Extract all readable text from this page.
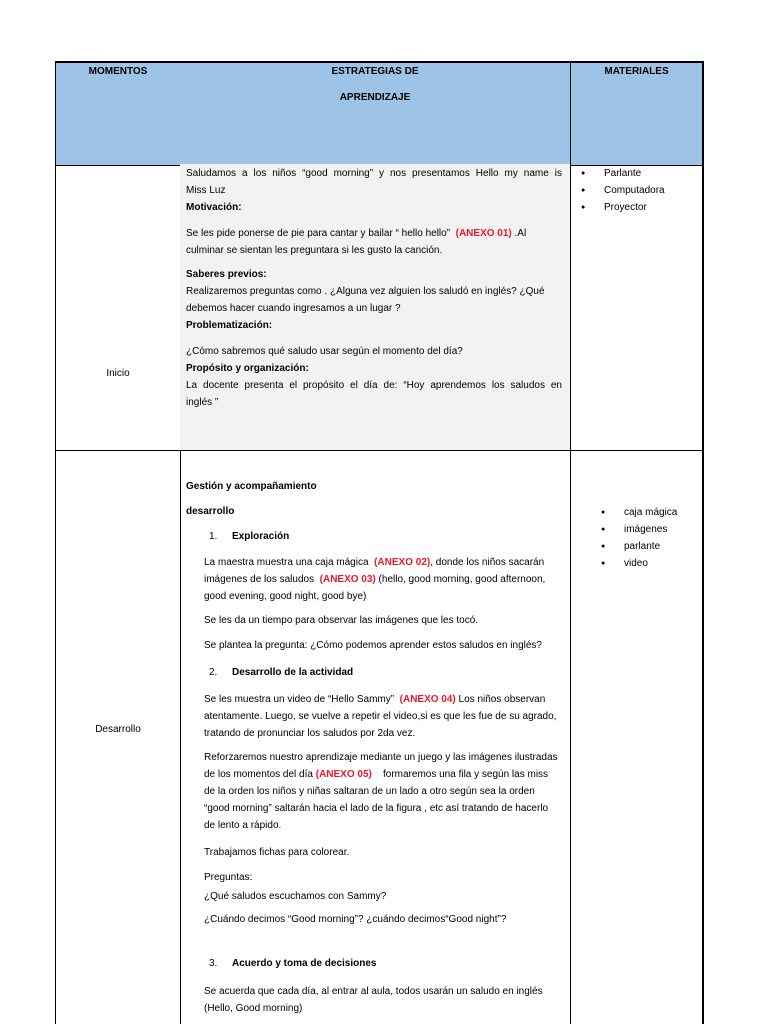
MOMENTOS	ESTRATEGIAS DE
APRENDIZAJE
MATERIALES
Inicio
Saludamos a los niños “good morning” y nos presentamos Hello my name is
Miss Luz
Motivación:
Se les pide ponerse de pie para cantar y bailar “ hello hello” (ANEXO 01) .Al
culminar se sientan les preguntara si les gusto la canción.
Saberes previos:
Realizaremos preguntas como . ¿Alguna vez alguien los saludó en inglés? ¿Qué
debemos hacer cuando ingresamos a un lugar ?
Problematización:
¿Cómo sabremos qué saludo usar según el momento del día?
Propósito y organización:
La docente presenta el propósito el día de: “Hoy aprendemos los saludos en
inglés ”
● Parlante
● Computadora
● Proyector
Desarrollo
Gestión y acompañamiento
desarrollo
1. Exploración
La maestra muestra una caja mágica (ANEXO 02), donde los niños sacarán
imágenes de los saludos (ANEXO 03) (hello, good morning, good afternoon,
good evening, good night, good bye)
Se les da un tiempo para observar las imágenes que les tocó.
Se plantea la pregunta: ¿Cómo podemos aprender estos saludos en inglés?
2. Desarrollo de la actividad
Se les muestra un video de “Hello Sammy” (ANEXO 04) Los niños observan
atentamente. Luego, se vuelve a repetir el video,si es que les fue de su agrado,
tratando de pronunciar los saludos por 2da vez.
Reforzaremos nuestro aprendizaje mediante un juego y las imágenes ilustradas
de los momentos del día (ANEXO 05) formaremos una fila y según las miss
de la orden los niños y niñas saltaran de un lado a otro según sea la orden
“good morning” saltarán hacia el lado de la figura , etc así tratando de hacerlo
de lento a rápido.
Trabajamos fichas para colorear.
Preguntas:
¿Qué saludos escuchamos con Sammy?
¿Cuándo decimos “Good morning”? ¿cuándo decimos“Good night”?
3. Acuerdo y toma de decisiones
Se acuerda que cada día, al entrar al aula, todos usarán un saludo en inglés
(Hello, Good morning)
● caja mágica
● imágenes
● parlante
● video
